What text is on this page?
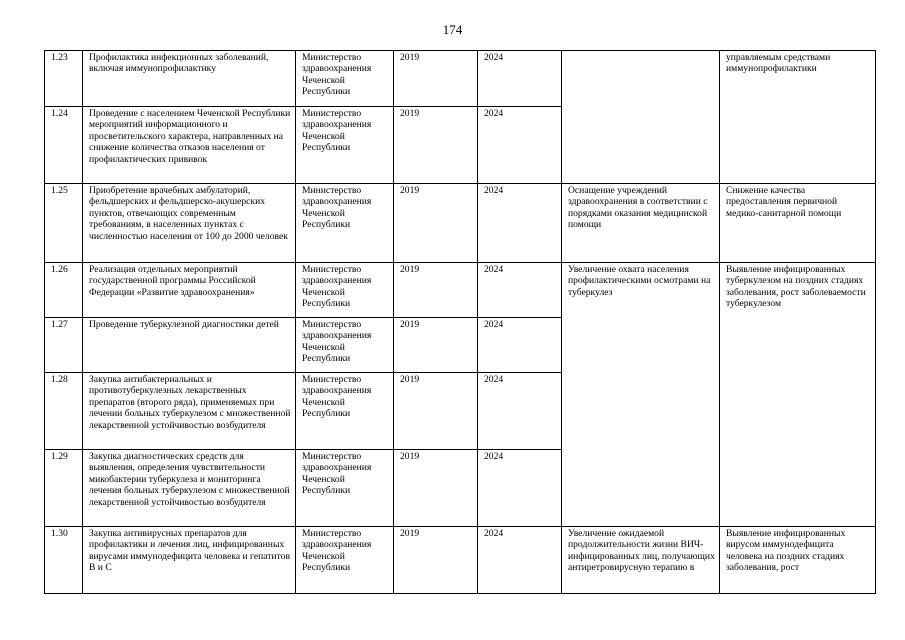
174
1.23	Профилактика инфекционных заболеваний, включая иммунопрофилактику	Министерство здравоохранения Чеченской Республики	2019	2024		управляемым средствами иммунопрофилактики
1.24	Проведение с населением Чеченской Республики мероприятий информационного и просветительского характера, направленных на снижение количества отказов населения от профилактических прививок	Министерство здравоохранения Чеченской Республики	2019	2024		
1.25	Приобретение врачебных амбулаторий, фельдшерских и фельдшерско-акушерских пунктов, отвечающих современным требованиям, в населенных пунктах с численностью населения от 100 до 2000 человек	Министерство здравоохранения Чеченской Республики	2019	2024	Оснащение учреждений здравоохранения в соответствии с порядками оказания медицинской помощи	Снижение качества предоставления первичной медико-санитарной помощи
1.26	Реализация отдельных мероприятий государственной программы Российской Федерации «Развитие здравоохранения»	Министерство здравоохранения Чеченской Республики	2019	2024	Увеличение охвата населения профилактическими осмотрами на туберкулез	Выявление инфицированных туберкулезом на поздних стадиях заболевания, рост заболеваемости туберкулезом
1.27	Проведение туберкулезной диагностики детей	Министерство здравоохранения Чеченской Республики	2019	2024		
1.28	Закупка антибактериальных и противотуберкулезных лекарственных препаратов (второго ряда), применяемых при лечении больных туберкулезом с множественной лекарственной устойчивостью возбудителя	Министерство здравоохранения Чеченской Республики	2019	2024		
1.29	Закупка диагностических средств для выявления, определения чувствительности микобактерии туберкулеза и мониторинга лечения больных туберкулезом с множественной лекарственной устойчивостью возбудителя	Министерство здравоохранения Чеченской Республики	2019	2024		
1.30	Закупка антивирусных препаратов для профилактики и лечения лиц, инфицированных вирусами иммунодефицита человека и гепатитов В и С	Министерство здравоохранения Чеченской Республики	2019	2024	Увеличение ожидаемой продолжительности жизни ВИЧ-инфицированных лиц, получающих антиретровирусную терапию в	Выявление инфицированных вирусом иммунодефицита человека на поздних стадиях заболевания, рост
